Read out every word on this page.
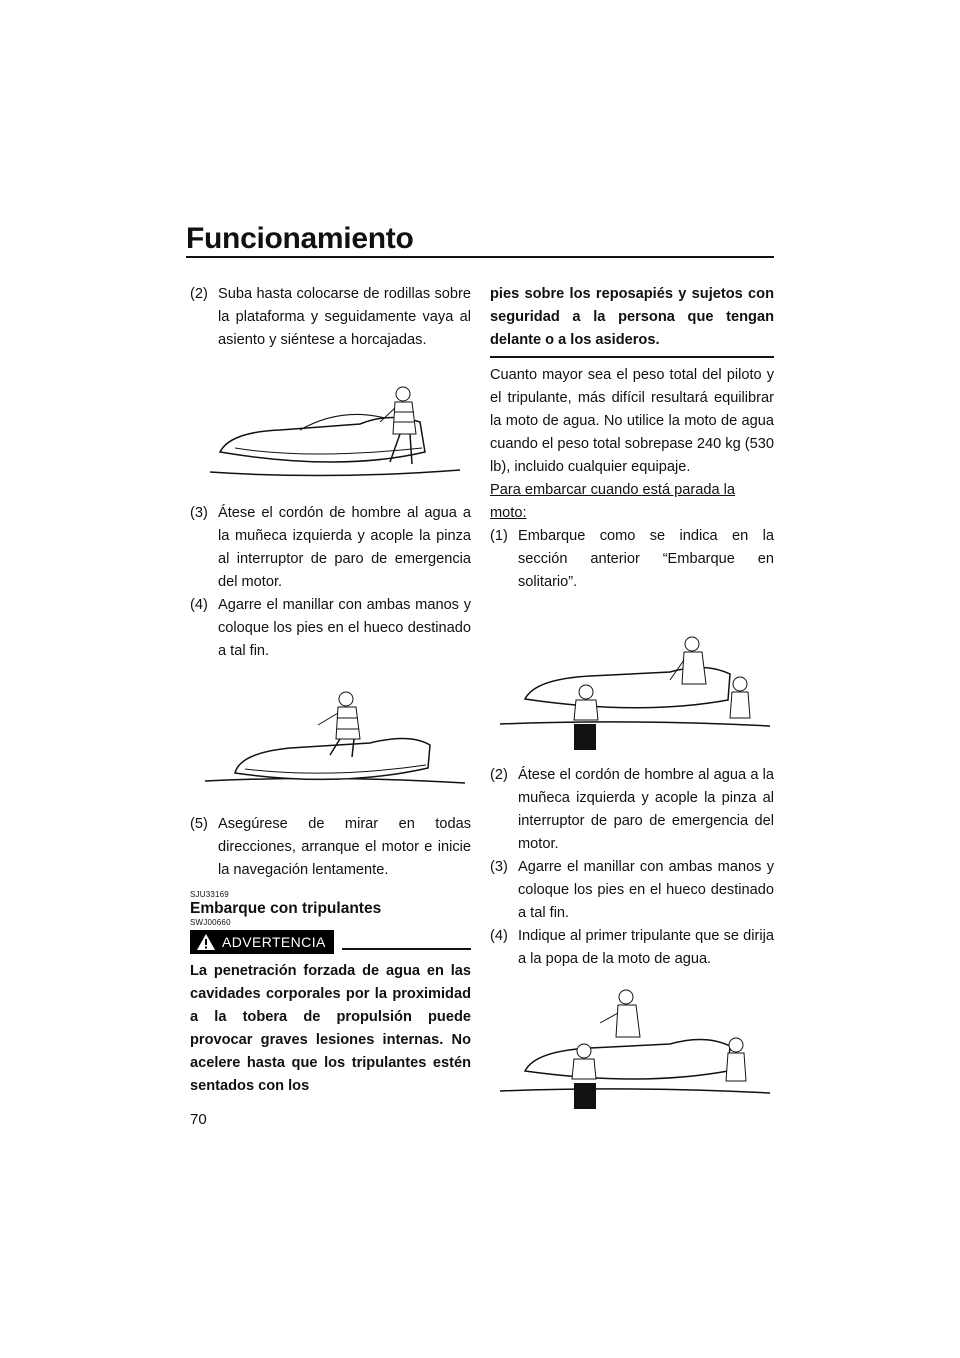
Funcionamiento
(2) Suba hasta colocarse de rodillas sobre la plataforma y seguidamente vaya al asiento y siéntese a horcajadas.
(3) Átese el cordón de hombre al agua a la muñeca izquierda y acople la pinza al interruptor de paro de emergencia del motor.
(4) Agarre el manillar con ambas manos y coloque los pies en el hueco destinado a tal fin.
(5) Asegúrese de mirar en todas direcciones, arranque el motor e inicie la navegación lentamente.
SJU33169
Embarque con tripulantes
SWJ00660
ADVERTENCIA
La penetración forzada de agua en las cavidades corporales por la proximidad a la tobera de propulsión puede provocar graves lesiones internas. No acelere hasta que los tripulantes estén sentados con los
pies sobre los reposapiés y sujetos con seguridad a la persona que tengan delante o a los asideros.
Cuanto mayor sea el peso total del piloto y el tripulante, más difícil resultará equilibrar la moto de agua. No utilice la moto de agua cuando el peso total sobrepase 240 kg (530 lb), incluido cualquier equipaje.
Para embarcar cuando está parada la moto:
(1) Embarque como se indica en la sección anterior “Embarque en solitario”.
(2) Átese el cordón de hombre al agua a la muñeca izquierda y acople la pinza al interruptor de paro de emergencia del motor.
(3) Agarre el manillar con ambas manos y coloque los pies en el hueco destinado a tal fin.
(4) Indique al primer tripulante que se dirija a la popa de la moto de agua.
70
